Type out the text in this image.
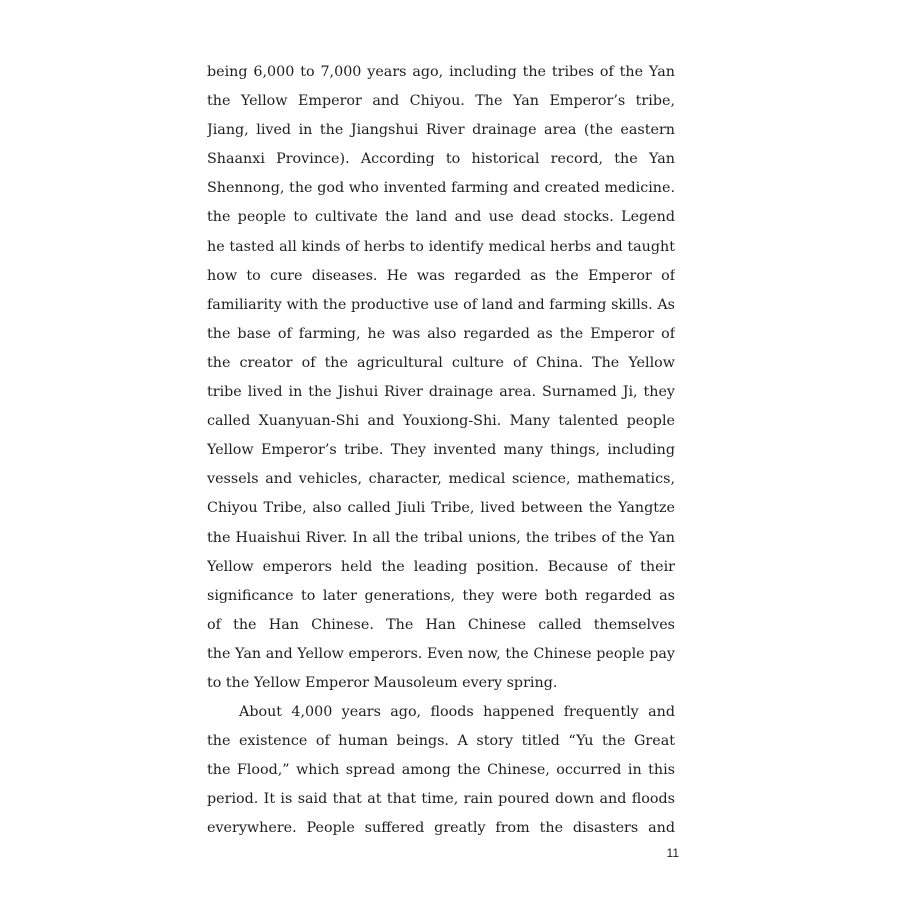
being 6,000 to 7,000 years ago, including the tribes of the Yan
the Yellow Emperor and Chiyou. The Yan Emperor’s tribe,
Jiang, lived in the Jiangshui River drainage area (the eastern
Shaanxi Province). According to historical record, the Yan
Shennong, the god who invented farming and created medicine.
the people to cultivate the land and use dead stocks. Legend
he tasted all kinds of herbs to identify medical herbs and taught
how to cure diseases. He was regarded as the Emperor of
familiarity with the productive use of land and farming skills. As
the base of farming, he was also regarded as the Emperor of
the creator of the agricultural culture of China. The Yellow
tribe lived in the Jishui River drainage area. Surnamed Ji, they
called Xuanyuan-Shi and Youxiong-Shi. Many talented people
Yellow Emperor’s tribe. They invented many things, including
vessels and vehicles, character, medical science, mathematics,
Chiyou Tribe, also called Jiuli Tribe, lived between the Yangtze
the Huaishui River. In all the tribal unions, the tribes of the Yan
Yellow emperors held the leading position. Because of their
significance to later generations, they were both regarded as
of the Han Chinese. The Han Chinese called themselves
the Yan and Yellow emperors. Even now, the Chinese people pay
to the Yellow Emperor Mausoleum every spring.
About 4,000 years ago, floods happened frequently and
the existence of human beings. A story titled “Yu the Great
the Flood,” which spread among the Chinese, occurred in this
period. It is said that at that time, rain poured down and floods
everywhere. People suffered greatly from the disasters and
11
